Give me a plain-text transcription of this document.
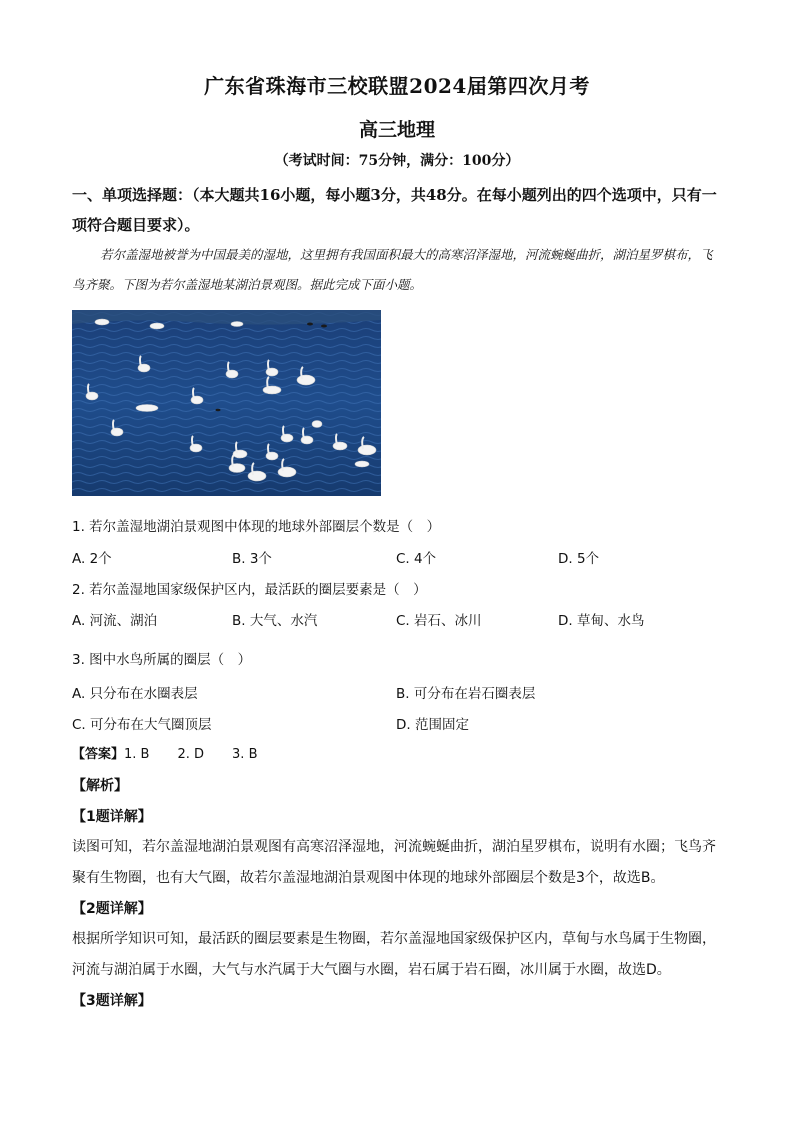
广东省珠海市三校联盟2024届第四次月考
高三地理
（考试时间：75分钟，满分：100分）
一、单项选择题：（本大题共16小题，每小题3分，共48分。在每小题列出的四个选项中，只有一项符合题目要求）。
若尔盖湿地被誉为中国最美的湿地，这里拥有我国面积最大的高寒沼泽湿地，河流蜿蜒曲折，湖泊星罗棋布，飞鸟齐聚。下图为若尔盖湿地某湖泊景观图。据此完成下面小题。
1. 若尔盖湿地湖泊景观图中体现的地球外部圈层个数是（　）
A. 2个	B. 3个	C. 4个	D. 5个
2. 若尔盖湿地国家级保护区内，最活跃的圈层要素是（　）
A. 河流、湖泊	B. 大气、水汽	C. 岩石、冰川	D. 草甸、水鸟
3. 图中水鸟所属的圈层（　）
A. 只分布在水圈表层	B. 可分布在岩石圈表层
C. 可分布在大气圈顶层	D. 范围固定
【答案】1. B 2. D 3. B
【解析】
【1题详解】
读图可知，若尔盖湿地湖泊景观图有高寒沼泽湿地，河流蜿蜒曲折，湖泊星罗棋布，说明有水圈；飞鸟齐聚有生物圈，也有大气圈，故若尔盖湿地湖泊景观图中体现的地球外部圈层个数是3个，故选B。
【2题详解】
根据所学知识可知，最活跃的圈层要素是生物圈，若尔盖湿地国家级保护区内，草甸与水鸟属于生物圈，河流与湖泊属于水圈，大气与水汽属于大气圈与水圈，岩石属于岩石圈，冰川属于水圈，故选D。
【3题详解】
